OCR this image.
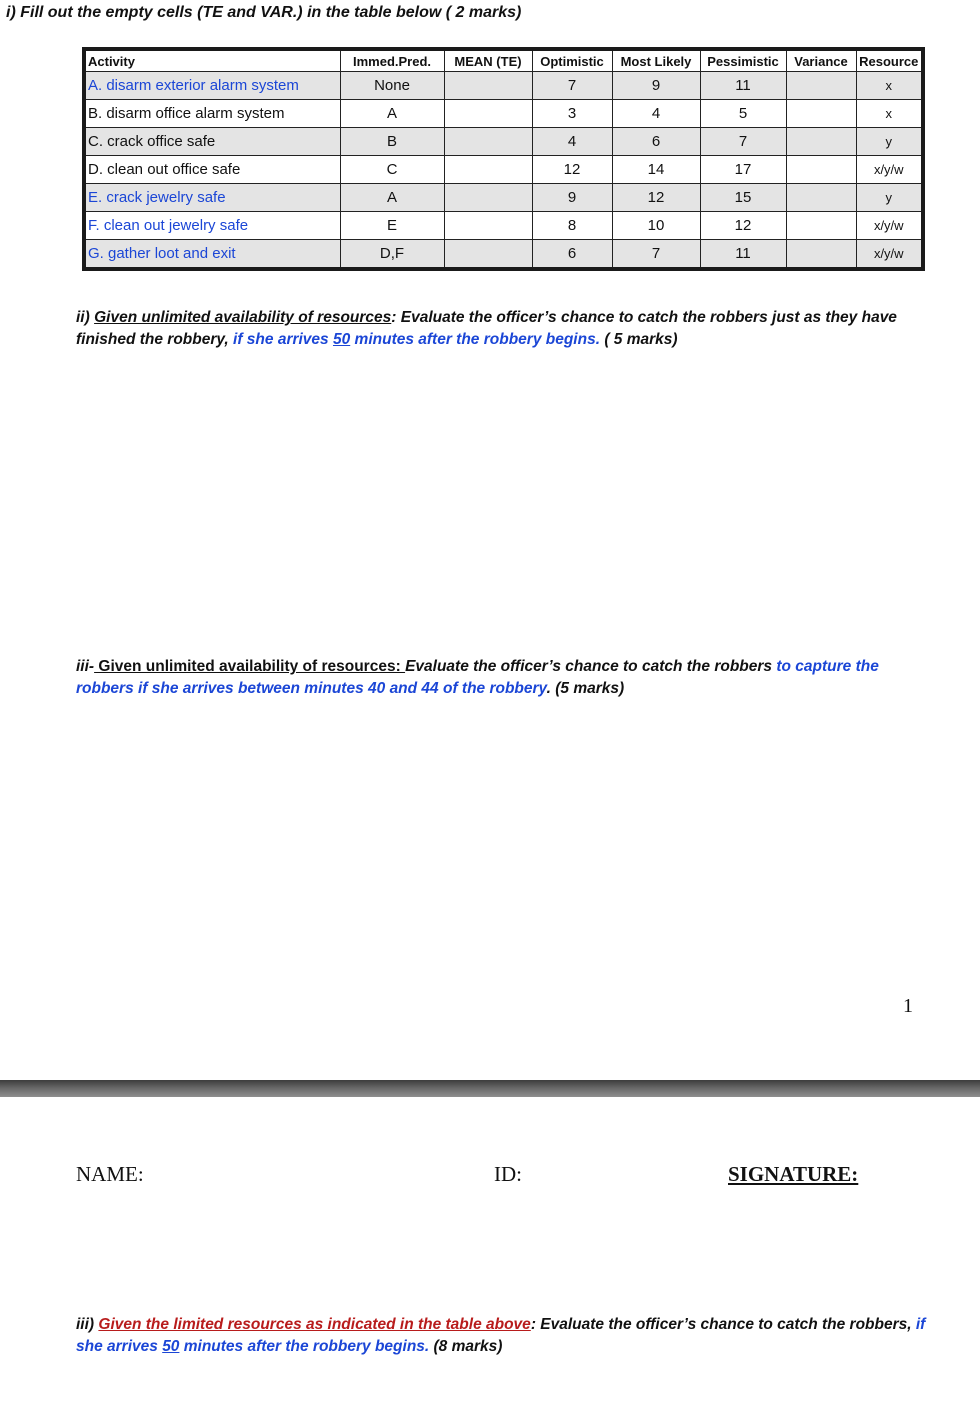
i) Fill out the empty cells (TE and VAR.) in the table below ( 2 marks)
Activity	Immed.Pred.	MEAN (TE)	Optimistic	Most Likely	Pessimistic	Variance	Resource
A. disarm exterior alarm system	None		7	9	11		x
B. disarm office alarm system	A		3	4	5		x
C. crack office safe	B		4	6	7		y
D. clean out office safe	C		12	14	17		x/y/w
E. crack jewelry safe	A		9	12	15		y
F. clean out jewelry safe	E		8	10	12		x/y/w
G. gather loot and exit	D,F		6	7	11		x/y/w
ii) Given unlimited availability of resources: Evaluate the officer’s chance to catch the robbers just as they have finished the robbery, if she arrives 50 minutes after the robbery begins. ( 5 marks)
iii- Given unlimited availability of resources: Evaluate the officer’s chance to catch the robbers to capture the robbers if she arrives between minutes 40 and 44 of the robbery. (5 marks)
1
NAME:	ID:	SIGNATURE:
iii) Given the limited resources as indicated in the table above: Evaluate the officer’s chance to catch the robbers, if she arrives 50 minutes after the robbery begins. (8 marks)
